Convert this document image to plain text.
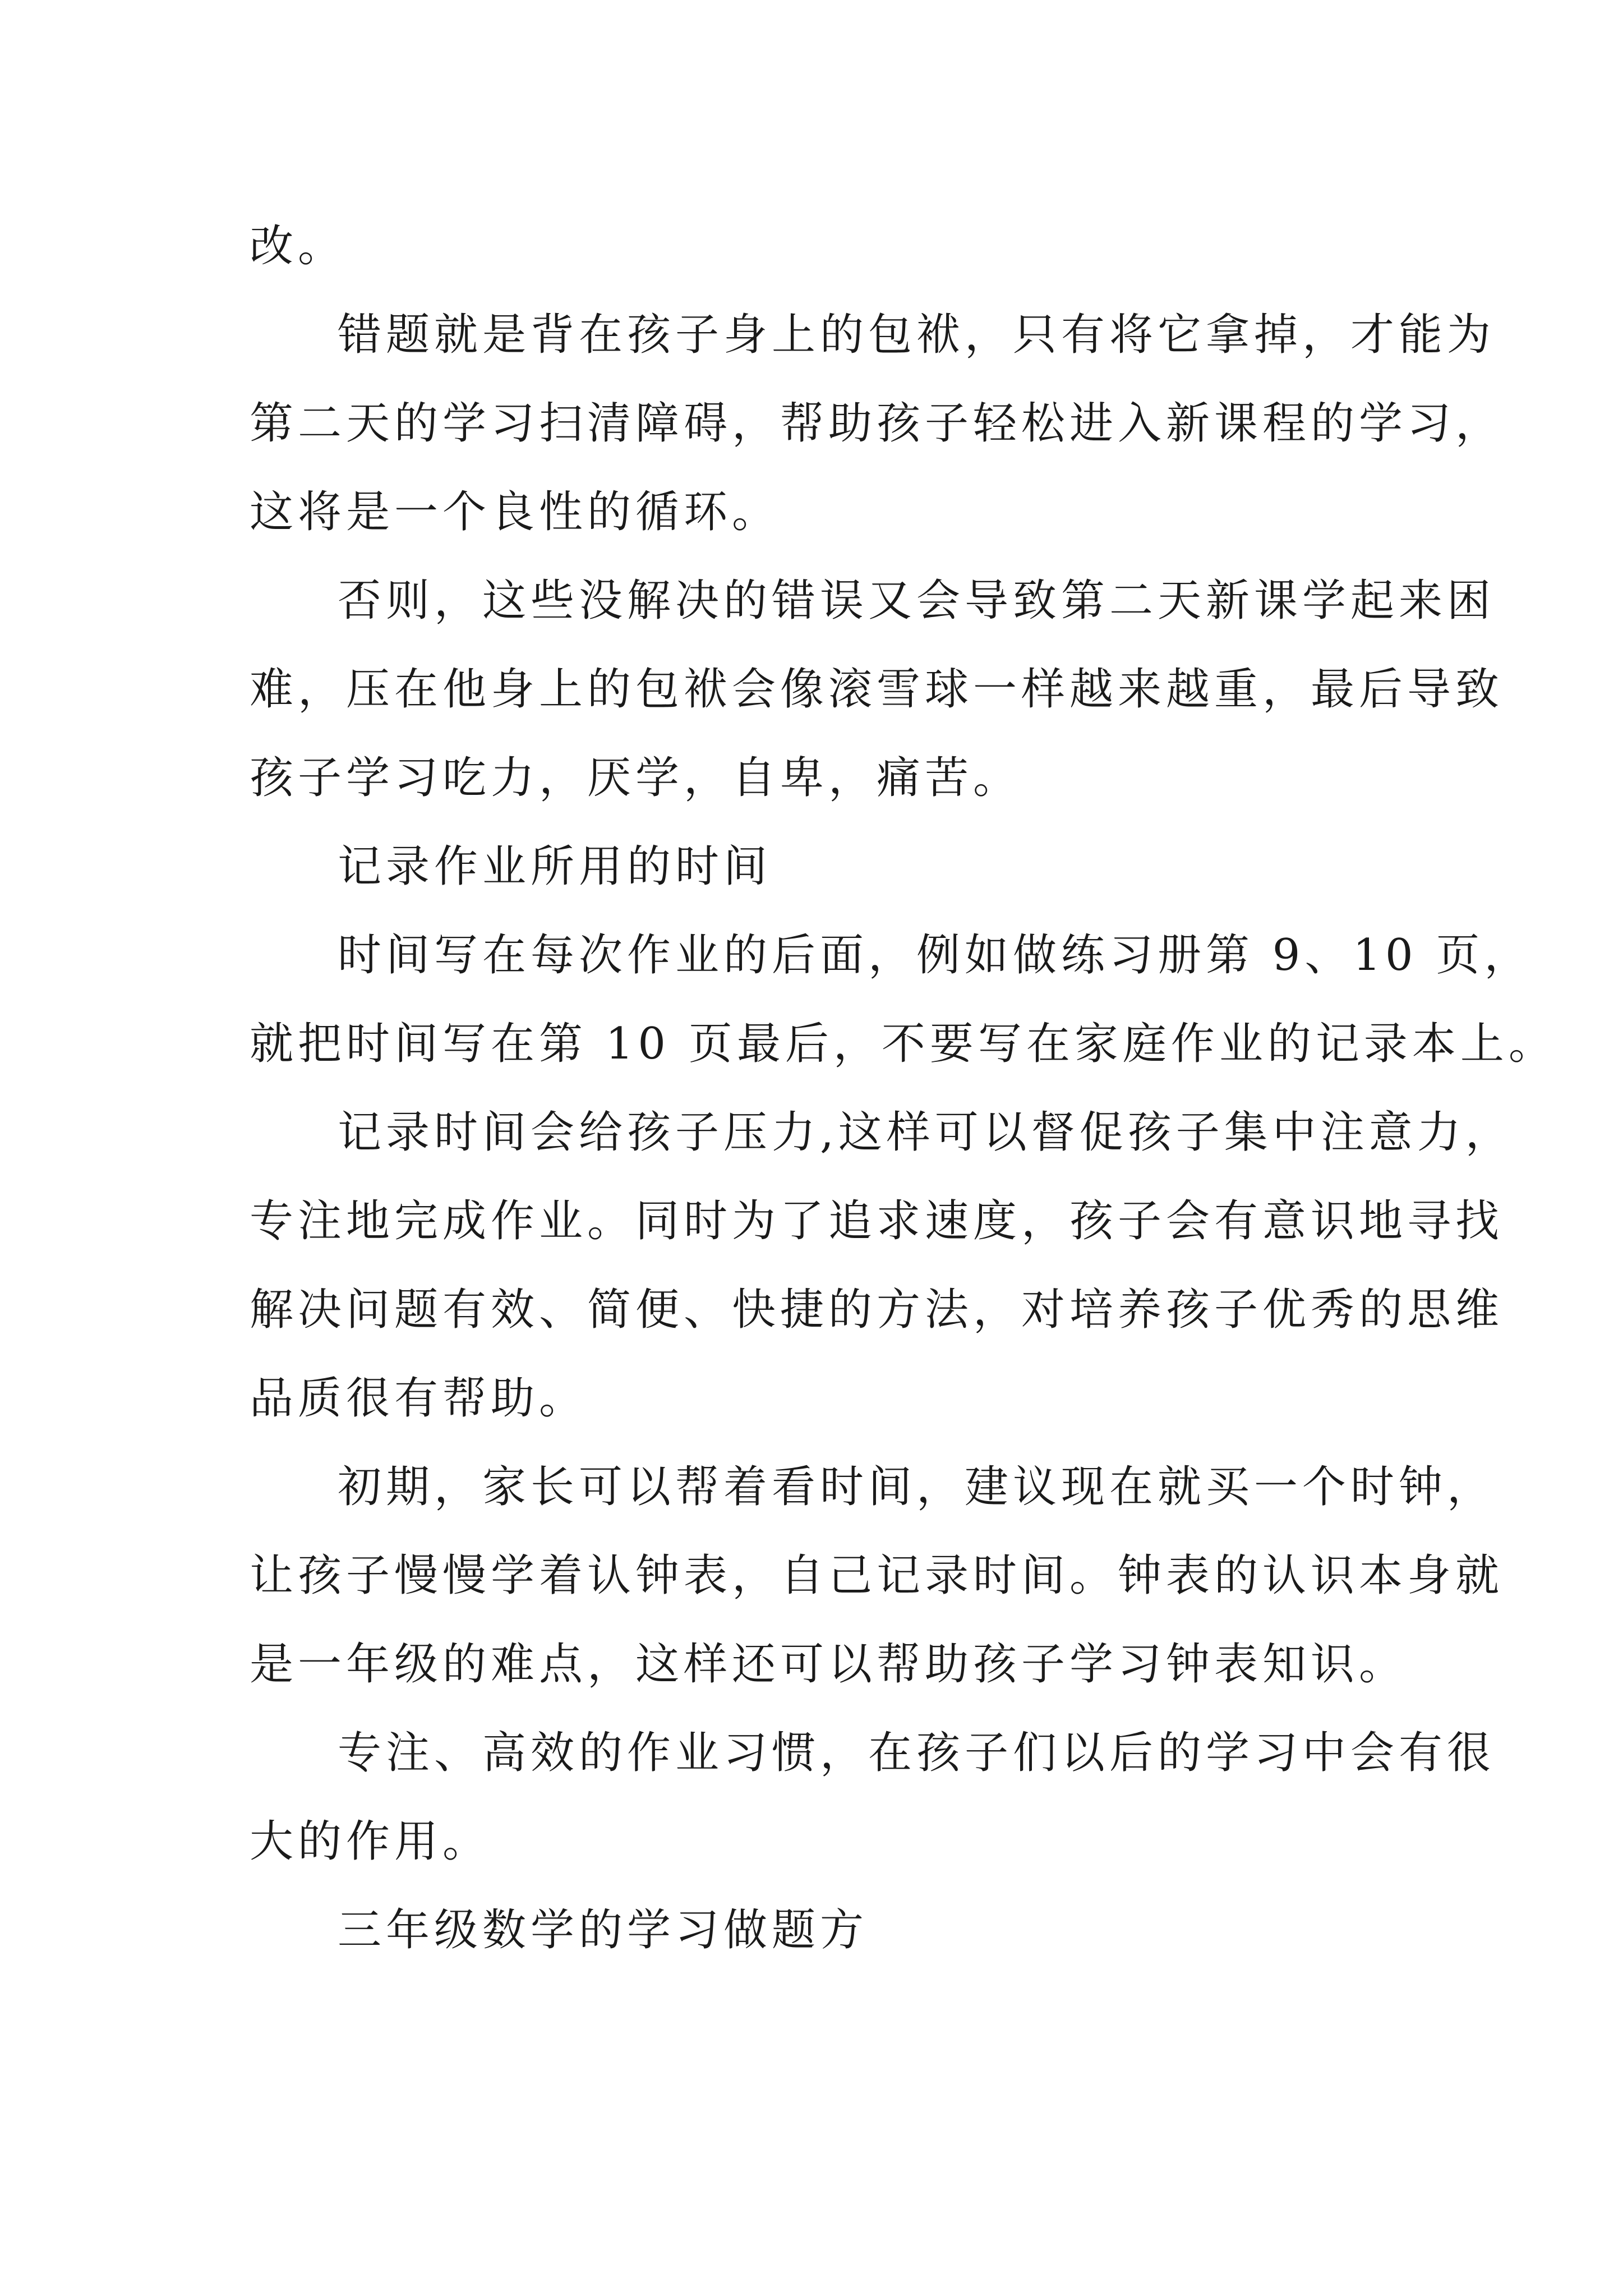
改。
错题就是背在孩子身上的包袱，只有将它拿掉，才能为
第二天的学习扫清障碍，帮助孩子轻松进入新课程的学习，
这将是一个良性的循环。
否则，这些没解决的错误又会导致第二天新课学起来困
难，压在他身上的包袱会像滚雪球一样越来越重，最后导致
孩子学习吃力，厌学，自卑，痛苦。
记录作业所用的时间
时间写在每次作业的后面，例如做练习册第 9、10 页，
就把时间写在第 10 页最后，不要写在家庭作业的记录本上。
记录时间会给孩子压力,这样可以督促孩子集中注意力，
专注地完成作业。同时为了追求速度，孩子会有意识地寻找
解决问题有效、简便、快捷的方法，对培养孩子优秀的思维
品质很有帮助。
初期，家长可以帮着看时间，建议现在就买一个时钟，
让孩子慢慢学着认钟表，自己记录时间。钟表的认识本身就
是一年级的难点，这样还可以帮助孩子学习钟表知识。
专注、高效的作业习惯，在孩子们以后的学习中会有很
大的作用。
三年级数学的学习做题方
